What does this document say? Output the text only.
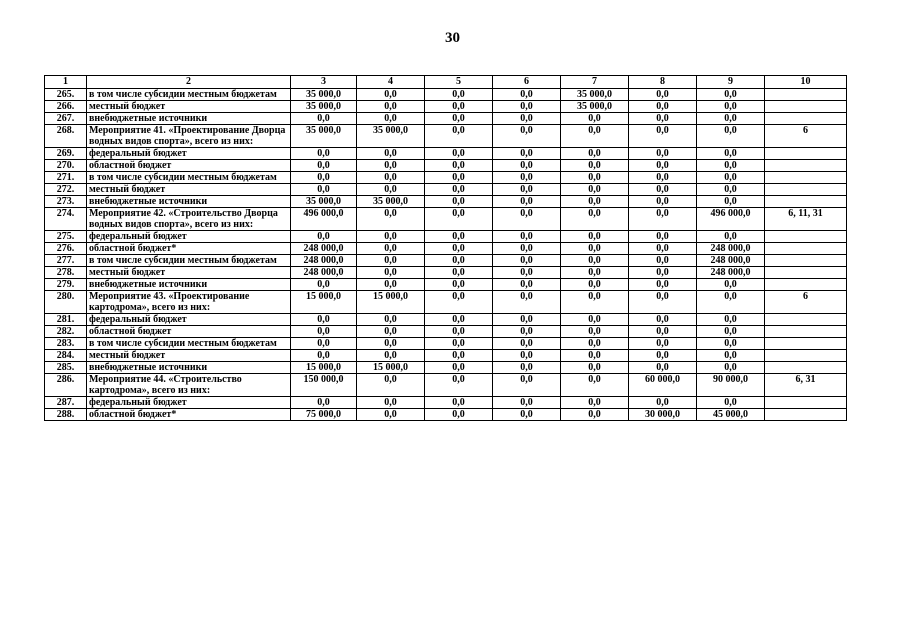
30
1	2	3	4	5	6	7	8	9	10
265.	в том числе субсидии местным бюджетам	35 000,0	0,0	0,0	0,0	35 000,0	0,0	0,0	
266.	местный бюджет	35 000,0	0,0	0,0	0,0	35 000,0	0,0	0,0	
267.	внебюджетные источники	0,0	0,0	0,0	0,0	0,0	0,0	0,0	
268.	Мероприятие 41. «Проектирование Дворца водных видов спорта», всего из них:	35 000,0	35 000,0	0,0	0,0	0,0	0,0	0,0	6
269.	федеральный бюджет	0,0	0,0	0,0	0,0	0,0	0,0	0,0	
270.	областной бюджет	0,0	0,0	0,0	0,0	0,0	0,0	0,0	
271.	в том числе субсидии местным бюджетам	0,0	0,0	0,0	0,0	0,0	0,0	0,0	
272.	местный бюджет	0,0	0,0	0,0	0,0	0,0	0,0	0,0	
273.	внебюджетные источники	35 000,0	35 000,0	0,0	0,0	0,0	0,0	0,0	
274.	Мероприятие 42. «Строительство Дворца водных видов спорта», всего из них:	496 000,0	0,0	0,0	0,0	0,0	0,0	496 000,0	6, 11, 31
275.	федеральный бюджет	0,0	0,0	0,0	0,0	0,0	0,0	0,0	
276.	областной бюджет*	248 000,0	0,0	0,0	0,0	0,0	0,0	248 000,0	
277.	в том числе субсидии местным бюджетам	248 000,0	0,0	0,0	0,0	0,0	0,0	248 000,0	
278.	местный бюджет	248 000,0	0,0	0,0	0,0	0,0	0,0	248 000,0	
279.	внебюджетные источники	0,0	0,0	0,0	0,0	0,0	0,0	0,0	
280.	Мероприятие 43. «Проектирование картодрома», всего из них:	15 000,0	15 000,0	0,0	0,0	0,0	0,0	0,0	6
281.	федеральный бюджет	0,0	0,0	0,0	0,0	0,0	0,0	0,0	
282.	областной бюджет	0,0	0,0	0,0	0,0	0,0	0,0	0,0	
283.	в том числе субсидии местным бюджетам	0,0	0,0	0,0	0,0	0,0	0,0	0,0	
284.	местный бюджет	0,0	0,0	0,0	0,0	0,0	0,0	0,0	
285.	внебюджетные источники	15 000,0	15 000,0	0,0	0,0	0,0	0,0	0,0	
286.	Мероприятие 44. «Строительство картодрома», всего из них:	150 000,0	0,0	0,0	0,0	0,0	60 000,0	90 000,0	6, 31
287.	федеральный бюджет	0,0	0,0	0,0	0,0	0,0	0,0	0,0	
288.	областной бюджет*	75 000,0	0,0	0,0	0,0	0,0	30 000,0	45 000,0	
